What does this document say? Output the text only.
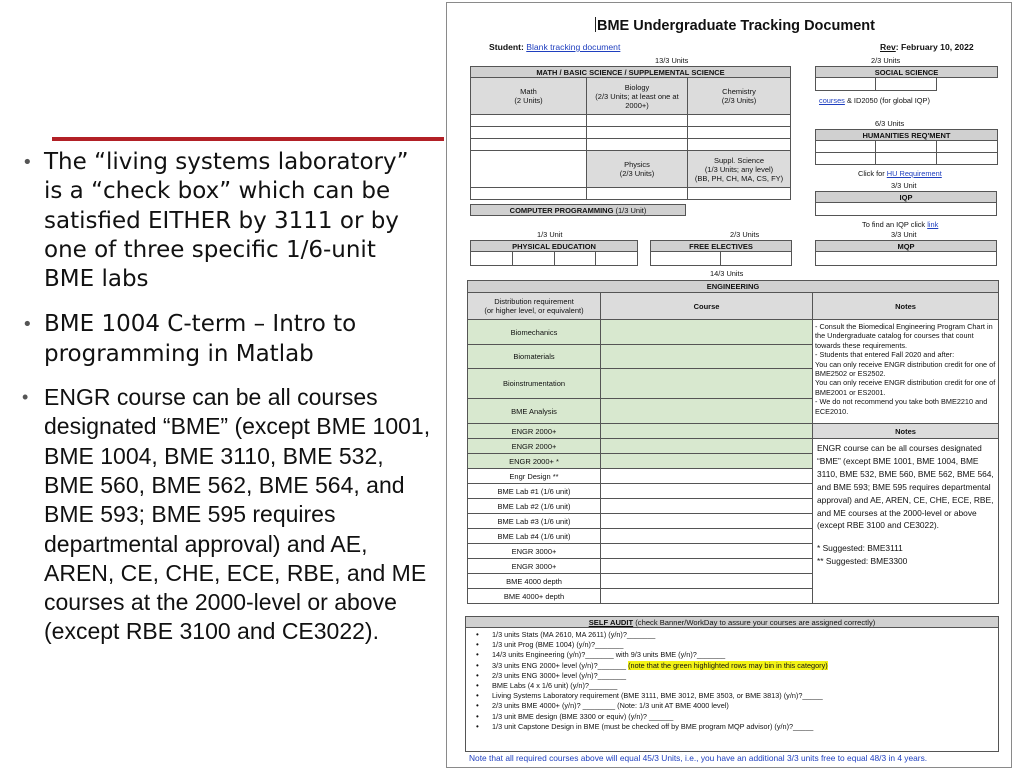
• The “living systems laboratory” is a “check box” which can be satisfied EITHER by 3111 or by one of three specific 1/6-unit BME labs
• BME 1004 C-term – Intro to programming in Matlab
• ENGR course can be all courses designated “BME” (except BME 1001, BME 1004, BME 3110, BME 532, BME 560, BME 562, BME 564, and BME 593; BME 595 requires departmental approval) and AE, AREN, CE, CHE, ECE, RBE, and ME courses at the 2000-level or above (except RBE 3100 and CE3022).
BME Undergraduate Tracking Document
Student: Blank tracking document	Rev: February 10, 2022
13/3 Units
MATH / BASIC SCIENCE / SUPPLEMENTAL SCIENCE		
Math
(2 Units)	Biology
(2/3 Units; at least one at 2000+)	Chemistry
(2/3 Units)

	Physics
(2/3 Units)	Suppl. Science
(1/3 Units; any level)
(BB, PH, CH, MA, CS, FY)

COMPUTER PROGRAMMING (1/3 Unit)
2/3 Units
SOCIAL SCIENCE

courses & ID2050 (for global IQP)
6/3 Units
HUMANITIES REQ'MENT		

Click for HU Requirement
3/3 Unit
IQP

To find an IQP click link
3/3 Unit
MQP

1/3 Unit
PHYSICAL EDUCATION

2/3 Units
FREE ELECTIVES

14/3 Units
ENGINEERING		
Distribution requirement
(or higher level, or equivalent)	Course	Notes
Biomechanics		- Consult the Biomedical Engineering Program Chart in the Undergraduate catalog for courses that count towards these requirements.
- Students that entered Fall 2020 and after:
You can only receive ENGR distribution credit for one of BME2502 or ES2502.
You can only receive ENGR distribution credit for one of BME2001 or ES2001.
- We do not recommend you take both BME2210 and ECE2010.
Biomaterials		
Bioinstrumentation		
BME Analysis		
ENGR 2000+		Notes
ENGR 2000+		ENGR course can be all courses designated “BME” (except BME 1001, BME 1004, BME 3110, BME 532, BME 560, BME 562, BME 564, and BME 593; BME 595 requires departmental approval) and AE, AREN, CE, CHE, ECE, RBE, and ME courses at the 2000-level or above (except RBE 3100 and CE3022).
* Suggested: BME3111
** Suggested: BME3300

ENGR 2000+ *		
Engr Design **		
BME Lab #1 (1/6 unit)		
BME Lab #2 (1/6 unit)		
BME Lab #3 (1/6 unit)		
BME Lab #4 (1/6 unit)		
ENGR 3000+		
ENGR 3000+		
BME 4000 depth		
BME 4000+ depth		
SELF AUDIT (check Banner/WorkDay to assure your courses are assigned correctly)
• 1/3 units Stats (MA 2610, MA 2611) (y/n)?_______
• 1/3 unit Prog (BME 1004) (y/n)?_______
• 14/3 units Engineering (y/n)?_______ with 9/3 units BME (y/n)?_______
• 3/3 units ENG 2000+ level (y/n)?_______ (note that the green highlighted rows may bin in this category)
• 2/3 units ENG 3000+ level (y/n)?_______
• BME Labs (4 x 1/6 unit) (y/n)?_______
• Living Systems Laboratory requirement (BME 3111, BME 3012, BME 3503, or BME 3813) (y/n)?_____
• 2/3 units BME 4000+ (y/n)? ________ (Note: 1/3 unit AT BME 4000 level)
• 1/3 unit BME design (BME 3300 or equiv) (y/n)? ______
• 1/3 unit Capstone Design in BME (must be checked off by BME program MQP advisor) (y/n)?_____
Note that all required courses above will equal 45/3 Units, i.e., you have an additional 3/3 units free to equal 48/3 in 4 years.
